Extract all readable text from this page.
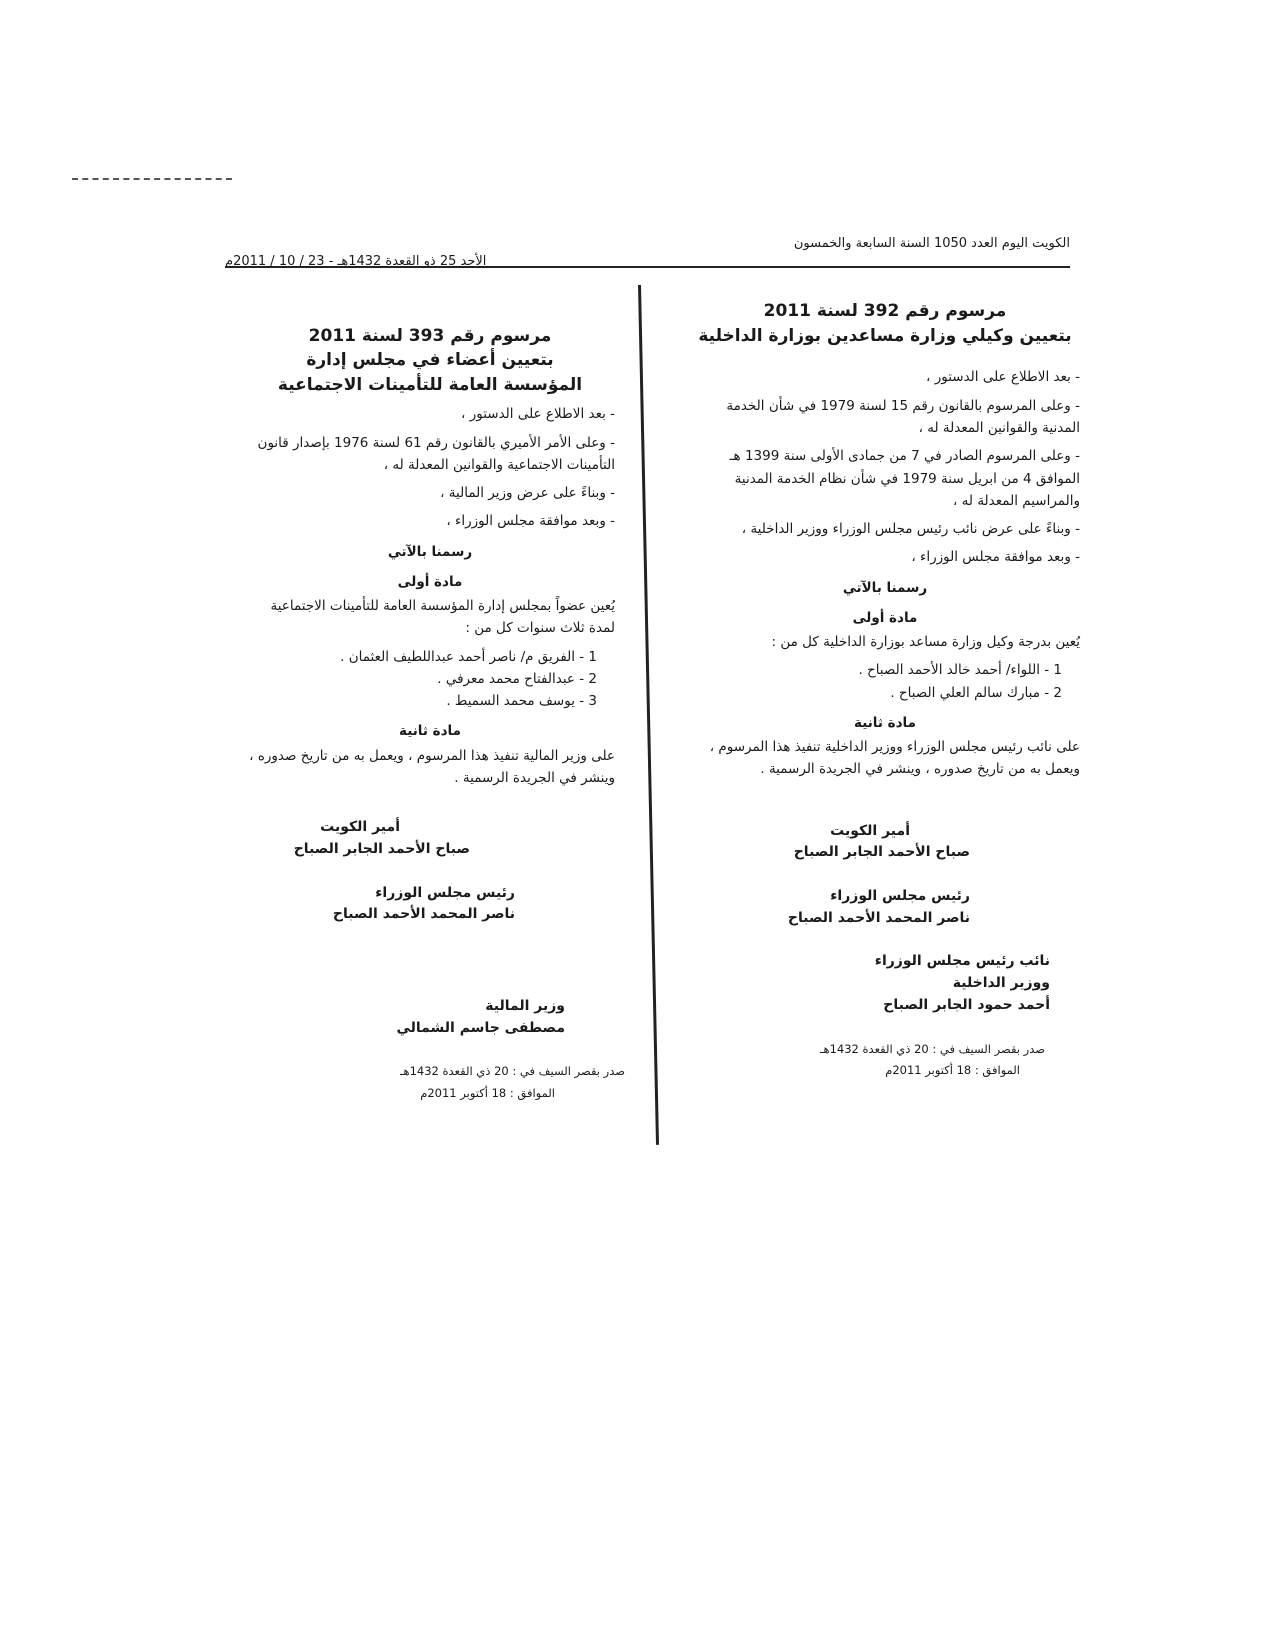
الكويت اليوم العدد 1050 السنة السابعة والخمسون
الأحد 25 ذو القعدة 1432هـ - 23 / 10 / 2011م
مرسوم رقم 392 لسنة 2011
بتعيين وكيلي وزارة مساعدين بوزارة الداخلية

- بعد الاطلاع على الدستور ،

- وعلى المرسوم بالقانون رقم 15 لسنة 1979 في شأن الخدمة المدنية والقوانين المعدلة له ،

- وعلى المرسوم الصادر في 7 من جمادى الأولى سنة 1399 هـ الموافق 4 من ابريل سنة 1979 في شأن نظام الخدمة المدنية والمراسيم المعدلة له ،

- وبناءً على عرض نائب رئيس مجلس الوزراء ووزير الداخلية ،

- وبعد موافقة مجلس الوزراء ،

رسمنا بالآتي
مادة أولى

يُعين بدرجة وكيل وزارة مساعد بوزارة الداخلية كل من :

1 - اللواء/ أحمد خالد الأحمد الصباح .
2 - مبارك سالم العلي الصباح .
مادة ثانية

على نائب رئيس مجلس الوزراء ووزير الداخلية تنفيذ هذا المرسوم ، ويعمل به من تاريخ صدوره ، وينشر في الجريدة الرسمية .

أمير الكويت
صباح الأحمد الجابر الصباح
رئيس مجلس الوزراء
ناصر المحمد الأحمد الصباح
نائب رئيس مجلس الوزراء
ووزير الداخلية
أحمد حمود الجابر الصباح
صدر بقصر السيف في : 20 ذي القعدة 1432هـ
الموافق : 18 أكتوبر 2011م
مرسوم رقم 393 لسنة 2011
بتعيين أعضاء في مجلس إدارة
المؤسسة العامة للتأمينات الاجتماعية

- بعد الاطلاع على الدستور ،

- وعلى الأمر الأميري بالقانون رقم 61 لسنة 1976 بإصدار قانون التأمينات الاجتماعية والقوانين المعدلة له ،

- وبناءً على عرض وزير المالية ،

- وبعد موافقة مجلس الوزراء ،

رسمنا بالآتي
مادة أولى

يُعين عضواً بمجلس إدارة المؤسسة العامة للتأمينات الاجتماعية لمدة ثلاث سنوات كل من :

1 - الفريق م/ ناصر أحمد عبداللطيف العثمان .
2 - عبدالفتاح محمد معرفي .
3 - يوسف محمد السميط .
مادة ثانية

على وزير المالية تنفيذ هذا المرسوم ، ويعمل به من تاريخ صدوره ، وينشر في الجريدة الرسمية .

أمير الكويت
صباح الأحمد الجابر الصباح
رئيس مجلس الوزراء
ناصر المحمد الأحمد الصباح
وزير المالية
مصطفى جاسم الشمالي
صدر بقصر السيف في : 20 ذي القعدة 1432هـ
الموافق : 18 أكتوبر 2011م
